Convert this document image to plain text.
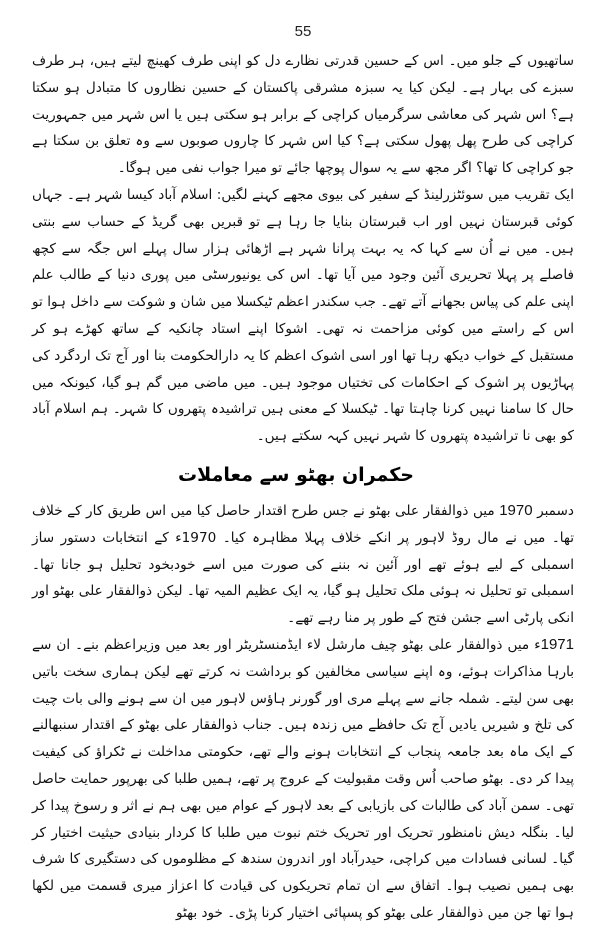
55

ساتھیوں کے جلو میں۔ اس کے حسین قدرتی نظارے دل کو اپنی طرف کھینچ لیتے ہیں، ہر طرف سبزے کی بہار ہے۔ لیکن کیا یہ سبزہ مشرقی پاکستان کے حسین نظاروں کا متبادل ہو سکتا ہے؟ اس شہر کی معاشی سرگرمیاں کراچی کے برابر ہو سکتی ہیں یا اس شہر میں جمہوریت کراچی کی طرح پھل پھول سکتی ہے؟ کیا اس شہر کا چاروں صوبوں سے وہ تعلق بن سکتا ہے جو کراچی کا تھا؟ اگر مجھ سے یہ سوال پوچھا جائے تو میرا جواب نفی میں ہوگا۔

ایک تقریب میں سوئٹزرلینڈ کے سفیر کی بیوی مجھے کہنے لگیں: اسلام آباد کیسا شہر ہے۔ جہاں کوئی قبرستان نہیں اور اب قبرستان بنایا جا رہا ہے تو قبریں بھی گریڈ کے حساب سے بنتی ہیں۔ میں نے اُن سے کہا کہ یہ بہت پرانا شہر ہے اڑھائی ہزار سال پہلے اس جگہ سے کچھ فاصلے پر پہلا تحریری آئین وجود میں آیا تھا۔ اس کی یونیورسٹی میں پوری دنیا کے طالب علم اپنی علم کی پیاس بجھانے آتے تھے۔ جب سکندر اعظم ٹیکسلا میں شان و شوکت سے داخل ہوا تو اس کے راستے میں کوئی مزاحمت نہ تھی۔ اشوکا اپنے استاد چانکیہ کے ساتھ کھڑے ہو کر مستقبل کے خواب دیکھ رہا تھا اور اسی اشوک اعظم کا یہ دارالحکومت بنا اور آج تک اردگرد کی پہاڑیوں پر اشوک کے احکامات کی تختیاں موجود ہیں۔ میں ماضی میں گم ہو گیا، کیونکہ میں حال کا سامنا نہیں کرنا چاہتا تھا۔ ٹیکسلا کے معنی ہیں تراشیدہ پتھروں کا شہر۔ ہم اسلام آباد کو بھی نا تراشیدہ پتھروں کا شہر نہیں کہہ سکتے ہیں۔

حکمران بھٹو سے معاملات

دسمبر 1970 میں ذوالفقار علی بھٹو نے جس طرح اقتدار حاصل کیا میں اس طریق کار کے خلاف تھا۔ میں نے مال روڈ لاہور پر انکے خلاف پہلا مظاہرہ کیا۔ 1970ء کے انتخابات دستور ساز اسمبلی کے لیے ہوئے تھے اور آئین نہ بننے کی صورت میں اسے خودبخود تحلیل ہو جانا تھا۔ اسمبلی تو تحلیل نہ ہوئی ملک تحلیل ہو گیا، یہ ایک عظیم المیہ تھا۔ لیکن ذوالفقار علی بھٹو اور انکی پارٹی اسے جشن فتح کے طور پر منا رہے تھے۔

1971ء میں ذوالفقار علی بھٹو چیف مارشل لاء ایڈمنسٹریٹر اور بعد میں وزیراعظم بنے۔ ان سے بارہا مذاکرات ہوئے، وہ اپنے سیاسی مخالفین کو برداشت نہ کرتے تھے لیکن ہماری سخت باتیں بھی سن لیتے۔ شملہ جانے سے پہلے مری اور گورنر ہاؤس لاہور میں ان سے ہونے والی بات چیت کی تلخ و شیریں یادیں آج تک حافظے میں زندہ ہیں۔ جناب ذوالفقار علی بھٹو کے اقتدار سنبھالنے کے ایک ماہ بعد جامعہ پنجاب کے انتخابات ہونے والے تھے، حکومتی مداخلت نے ٹکراؤ کی کیفیت پیدا کر دی۔ بھٹو صاحب اُس وقت مقبولیت کے عروج پر تھے، ہمیں طلبا کی بھرپور حمایت حاصل تھی۔ سمن آباد کی طالبات کی بازیابی کے بعد لاہور کے عوام میں بھی ہم نے اثر و رسوخ پیدا کر لیا۔ بنگلہ دیش نامنظور تحریک اور تحریک ختم نبوت میں طلبا کا کردار بنیادی حیثیت اختیار کر گیا۔ لسانی فسادات میں کراچی، حیدرآباد اور اندرون سندھ کے مظلوموں کی دستگیری کا شرف بھی ہمیں نصیب ہوا۔ اتفاق سے ان تمام تحریکوں کی قیادت کا اعزاز میری قسمت میں لکھا ہوا تھا جن میں ذوالفقار علی بھٹو کو پسپائی اختیار کرنا پڑی۔ خود بھٹو
